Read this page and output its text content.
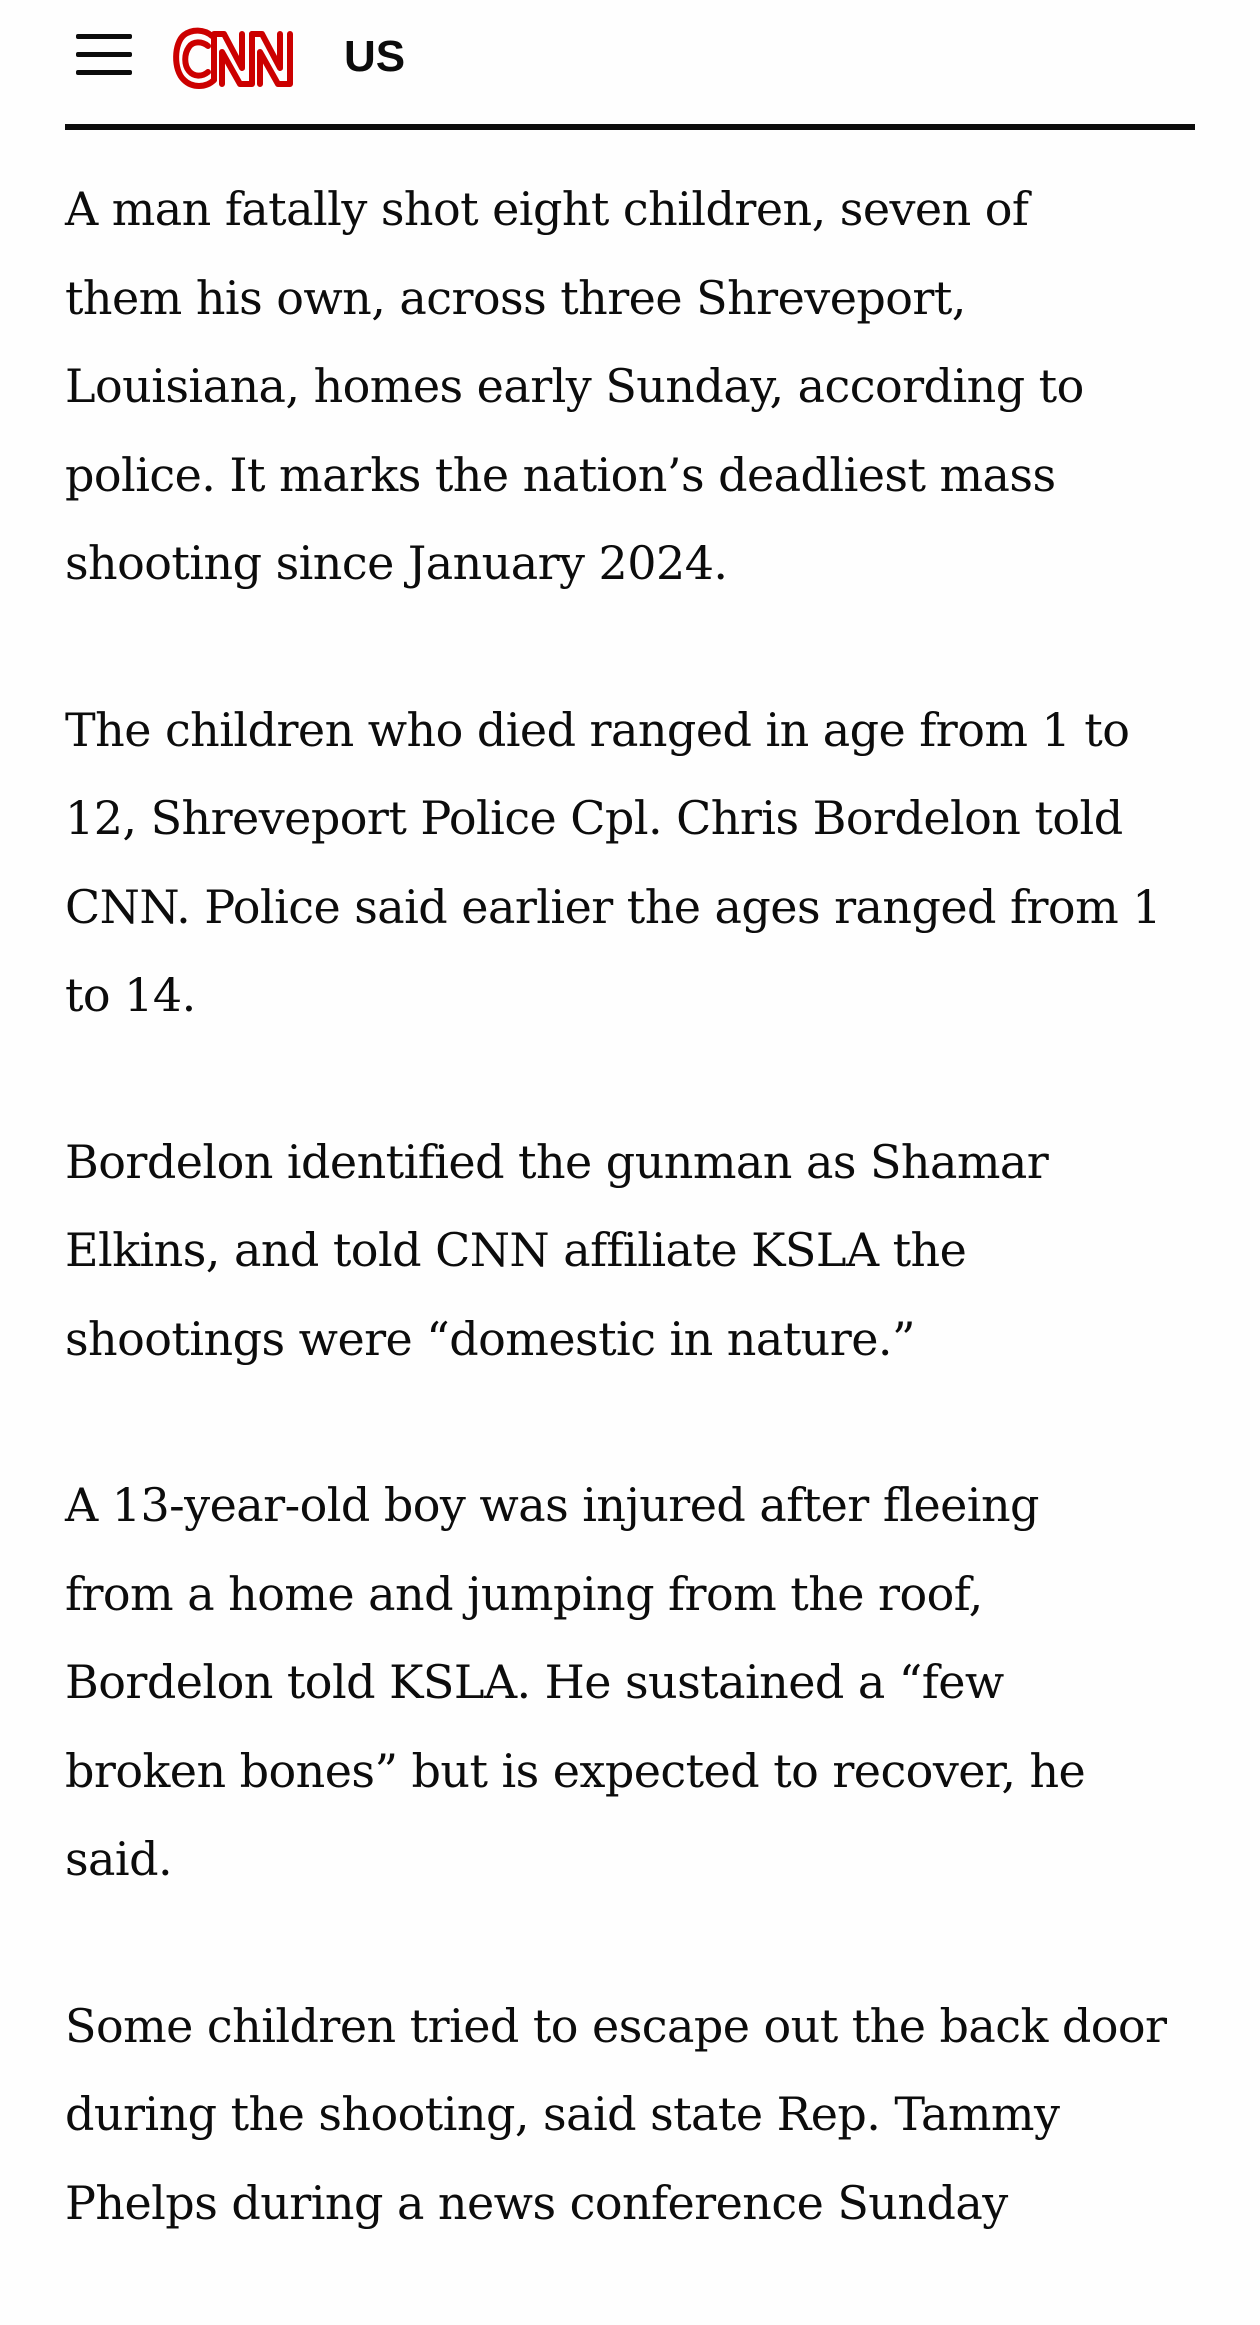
US

A man fatally shot eight children, seven of
them his own, across three Shreveport,
Louisiana, homes early Sunday, according to
police. It marks the nation’s deadliest mass
shooting since January 2024.

The children who died ranged in age from 1 to
12, Shreveport Police Cpl. Chris Bordelon told
CNN. Police said earlier the ages ranged from 1
to 14.

Bordelon identified the gunman as Shamar
Elkins, and told CNN affiliate KSLA the
shootings were “domestic in nature.”

A 13-year-old boy was injured after fleeing
from a home and jumping from the roof,
Bordelon told KSLA. He sustained a “few
broken bones” but is expected to recover, he
said.

Some children tried to escape out the back door
during the shooting, said state Rep. Tammy
Phelps during a news conference Sunday
